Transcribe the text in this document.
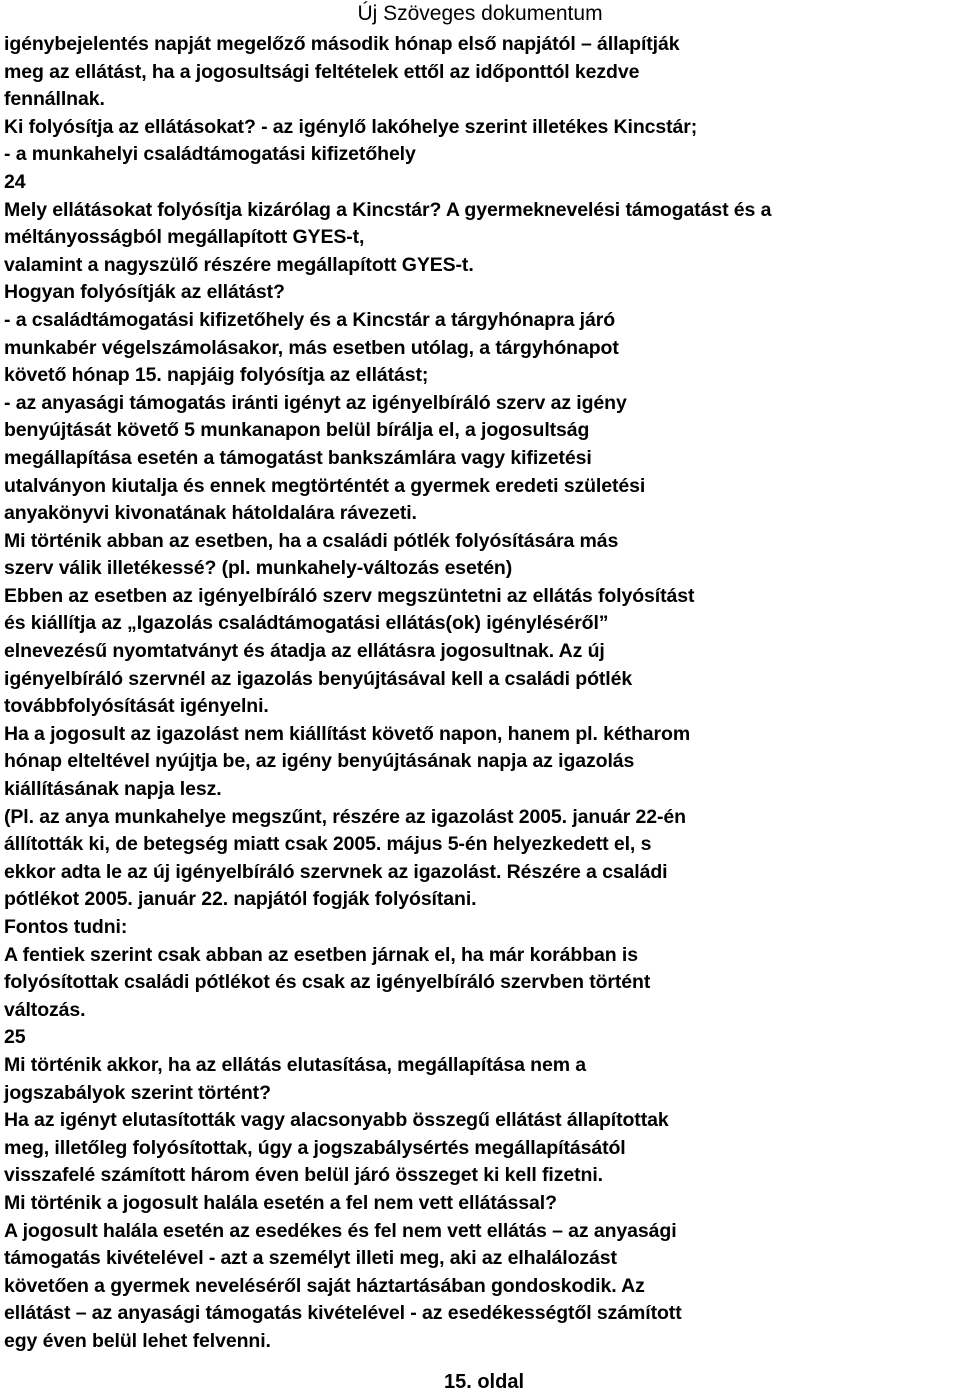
Új Szöveges dokumentum
igénybejelentés napját megelőző második hónap első napjától – állapítják
meg az ellátást, ha a jogosultsági feltételek ettől az időponttól kezdve
fennállnak.
Ki folyósítja az ellátásokat? - az igénylő lakóhelye szerint illetékes Kincstár;
- a munkahelyi családtámogatási kifizetőhely
24
Mely ellátásokat folyósítja kizárólag a Kincstár? A gyermeknevelési támogatást és a
méltányosságból megállapított GYES-t,
valamint a nagyszülő részére megállapított GYES-t.
Hogyan folyósítják az ellátást?
- a családtámogatási kifizetőhely és a Kincstár a tárgyhónapra járó
munkabér végelszámolásakor, más esetben utólag, a tárgyhónapot
követő hónap 15. napjáig folyósítja az ellátást;
- az anyasági támogatás iránti igényt az igényelbíráló szerv az igény
benyújtását követő 5 munkanapon belül bírálja el, a jogosultság
megállapítása esetén a támogatást bankszámlára vagy kifizetési
utalványon kiutalja és ennek megtörténtét a gyermek eredeti születési
anyakönyvi kivonatának hátoldalára rávezeti.
Mi történik abban az esetben, ha a családi pótlék folyósítására más
szerv válik illetékessé? (pl. munkahely-változás esetén)
Ebben az esetben az igényelbíráló szerv megszüntetni az ellátás folyósítást
és kiállítja az „Igazolás családtámogatási ellátás(ok) igényléséről”
elnevezésű nyomtatványt és átadja az ellátásra jogosultnak. Az új
igényelbíráló szervnél az igazolás benyújtásával kell a családi pótlék
továbbfolyósítását igényelni.
Ha a jogosult az igazolást nem kiállítást követő napon, hanem pl. kétharom
hónap elteltével nyújtja be, az igény benyújtásának napja az igazolás
kiállításának napja lesz.
(Pl. az anya munkahelye megszűnt, részére az igazolást 2005. január 22-én
állították ki, de betegség miatt csak 2005. május 5-én helyezkedett el, s
ekkor adta le az új igényelbíráló szervnek az igazolást. Részére a családi
pótlékot 2005. január 22. napjától fogják folyósítani.
Fontos tudni:
A fentiek szerint csak abban az esetben járnak el, ha már korábban is
folyósítottak családi pótlékot és csak az igényelbíráló szervben történt
változás.
25
Mi történik akkor, ha az ellátás elutasítása, megállapítása nem a
jogszabályok szerint történt?
Ha az igényt elutasították vagy alacsonyabb összegű ellátást állapítottak
meg, illetőleg folyósítottak, úgy a jogszabálysértés megállapításától
visszafelé számított három éven belül járó összeget ki kell fizetni.
Mi történik a jogosult halála esetén a fel nem vett ellátással?
A jogosult halála esetén az esedékes és fel nem vett ellátás – az anyasági
támogatás kivételével - azt a személyt illeti meg, aki az elhalálozást
követően a gyermek neveléséről saját háztartásában gondoskodik. Az
ellátást – az anyasági támogatás kivételével - az esedékességtől számított
egy éven belül lehet felvenni.
15. oldal
